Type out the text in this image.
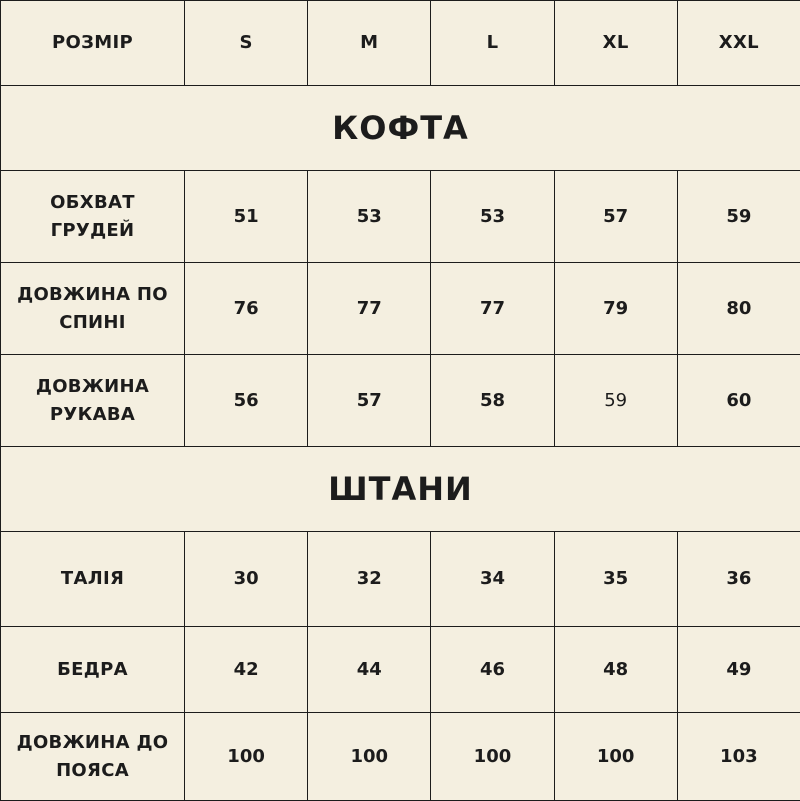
РОЗМІР	S	M	L	XL	XXL
КОФТА					

ОБХВАТ
ГРУДЕЙ	51	53	53	57	59

ДОВЖИНА ПО
СПИНІ	76	77	77	79	80

ДОВЖИНА
РУКАВА	56	57	58	59	60
ШТАНИ					

ТАЛІЯ	30	32	34	35	36

БЕДРА	42	44	46	48	49

ДОВЖИНА ДО
ПОЯСА	100	100	100	100	103
